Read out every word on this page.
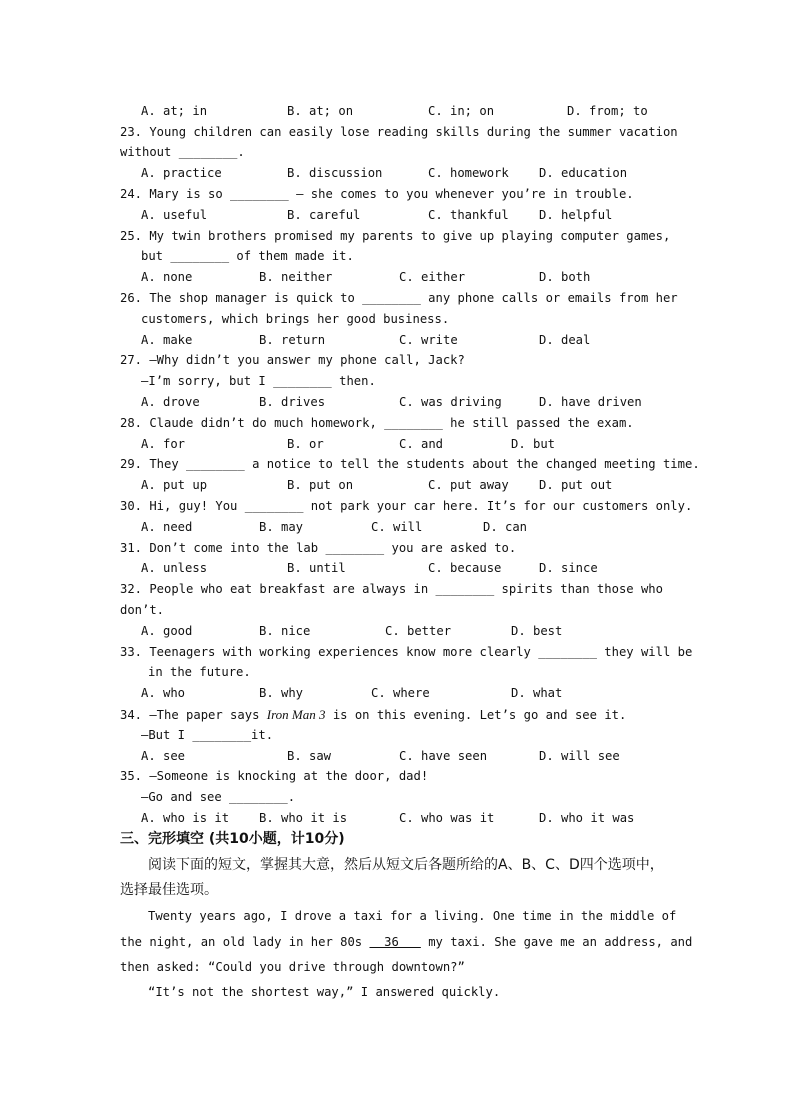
A. at; in	B. at; on	C. in; on	D. from; to
23. Young children can easily lose reading skills during the summer vacation
without ________.
A. practice	B. discussion	C. homework D. education
24. Mary is so ________ — she comes to you whenever you’re in trouble.
A. useful	B. careful	C. thankful D. helpful
25. My twin brothers promised my parents to give up playing computer games,
but ________ of them made it.
A. none	B. neither	C. either	D. both
26. The shop manager is quick to ________ any phone calls or emails from her
customers, which brings her good business.
A. make	B. return	C. write	D. deal
27. —Why didn’t you answer my phone call, Jack?
—I’m sorry, but I ________ then.
A. drove	B. drives	C. was driving	D. have driven
28. Claude didn’t do much homework, ________ he still passed the exam.
A. for	B. or	C. and	D. but
29. They ________ a notice to tell the students about the changed meeting time.
A. put up	B. put on	C. put away D. put out
30. Hi, guy! You ________ not park your car here. It’s for our customers only.
A. need	B. may	C. will	D. can
31. Don’t come into the lab ________ you are asked to.
A. unless	B. until	C. because	D. since
32. People who eat breakfast are always in ________ spirits than those who
don’t.
A. good	B. nice	C. better	D. best
33. Teenagers with working experiences know more clearly ________ they will be
in the future.
A. who	B. why	C. where	D. what
34. —The paper says Iron Man 3 is on this evening. Let’s go and see it.
—But I ________it.
A. see	B. saw	C. have seen	D. will see
35. —Someone is knocking at the door, dad!
—Go and see ________.
A. who is it B. who it is	C. who was it	D. who it was
三、完形填空 (共10小题，计10分)
阅读下面的短文，掌握其大意，然后从短文后各题所给的A、B、C、D四个选项中，
选择最佳选项。
Twenty years ago, I drove a taxi for a living. One time in the middle of
the night, an old lady in her 80s   36    my taxi. She gave me an address, and
then asked: “Could you drive through downtown?”
“It’s not the shortest way,” I answered quickly.
